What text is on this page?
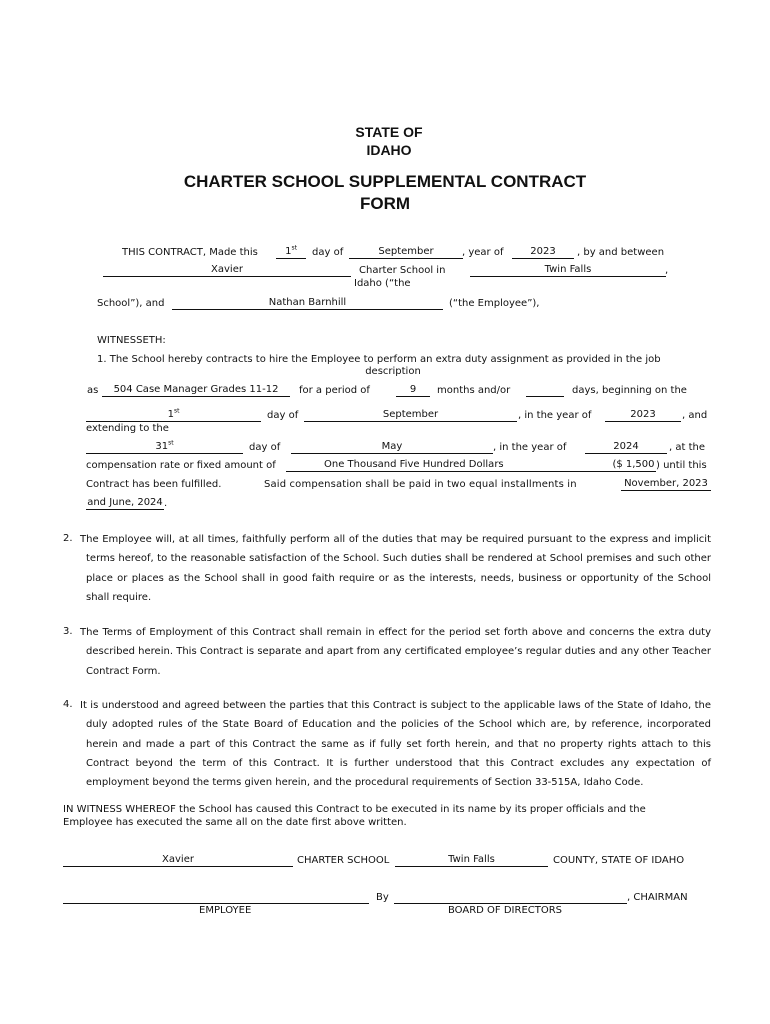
STATE OF
IDAHO
CHARTER SCHOOL SUPPLEMENTAL CONTRACT
FORM
THIS CONTRACT, Made this	1st	day of	September	, year of	2023	, by and between
Xavier	Charter School in	Twin Falls	,
Idaho (“the
School”), and	Nathan Barnhill	(“the Employee”),
WITNESSETH:
1. The School hereby contracts to hire the Employee to perform an extra duty assignment as provided in the job
description
as	504 Case Manager Grades 11-12	for a period of	9	months and/or	days, beginning on the
1st	day of	September	, in the year of	2023	, and
extending to the
31st	day of	May	, in the year of	2024	, at the
compensation rate or fixed amount of	One Thousand Five Hundred Dollars	($ 1,500 ) until this
Contract has been fulfilled.	Said compensation shall be paid in two equal installments in	November, 2023
and June, 2024 .
2. The Employee will, at all times, faithfully perform all of the duties that may be required pursuant to the express and implicit terms hereof, to the reasonable satisfaction of the School. Such duties shall be rendered at School premises and such other place or places as the School shall in good faith require or as the interests, needs, business or opportunity of the School shall require.
3. The Terms of Employment of this Contract shall remain in effect for the period set forth above and concerns the extra duty described herein. This Contract is separate and apart from any certificated employee’s regular duties and any other Teacher Contract Form.
4. It is understood and agreed between the parties that this Contract is subject to the applicable laws of the State of Idaho, the duly adopted rules of the State Board of Education and the policies of the School which are, by reference, incorporated herein and made a part of this Contract the same as if fully set forth herein, and that no property rights attach to this Contract beyond the term of this Contract. It is further understood that this Contract excludes any expectation of employment beyond the terms given herein, and the procedural requirements of Section 33-515A, Idaho Code.
IN WITNESS WHEREOF the School has caused this Contract to be executed in its name by its proper officials and the
Employee has executed the same all on the date first above written.
Xavier	CHARTER SCHOOL	Twin Falls	COUNTY, STATE OF IDAHO
By	, CHAIRMAN
EMPLOYEE	BOARD OF DIRECTORS
